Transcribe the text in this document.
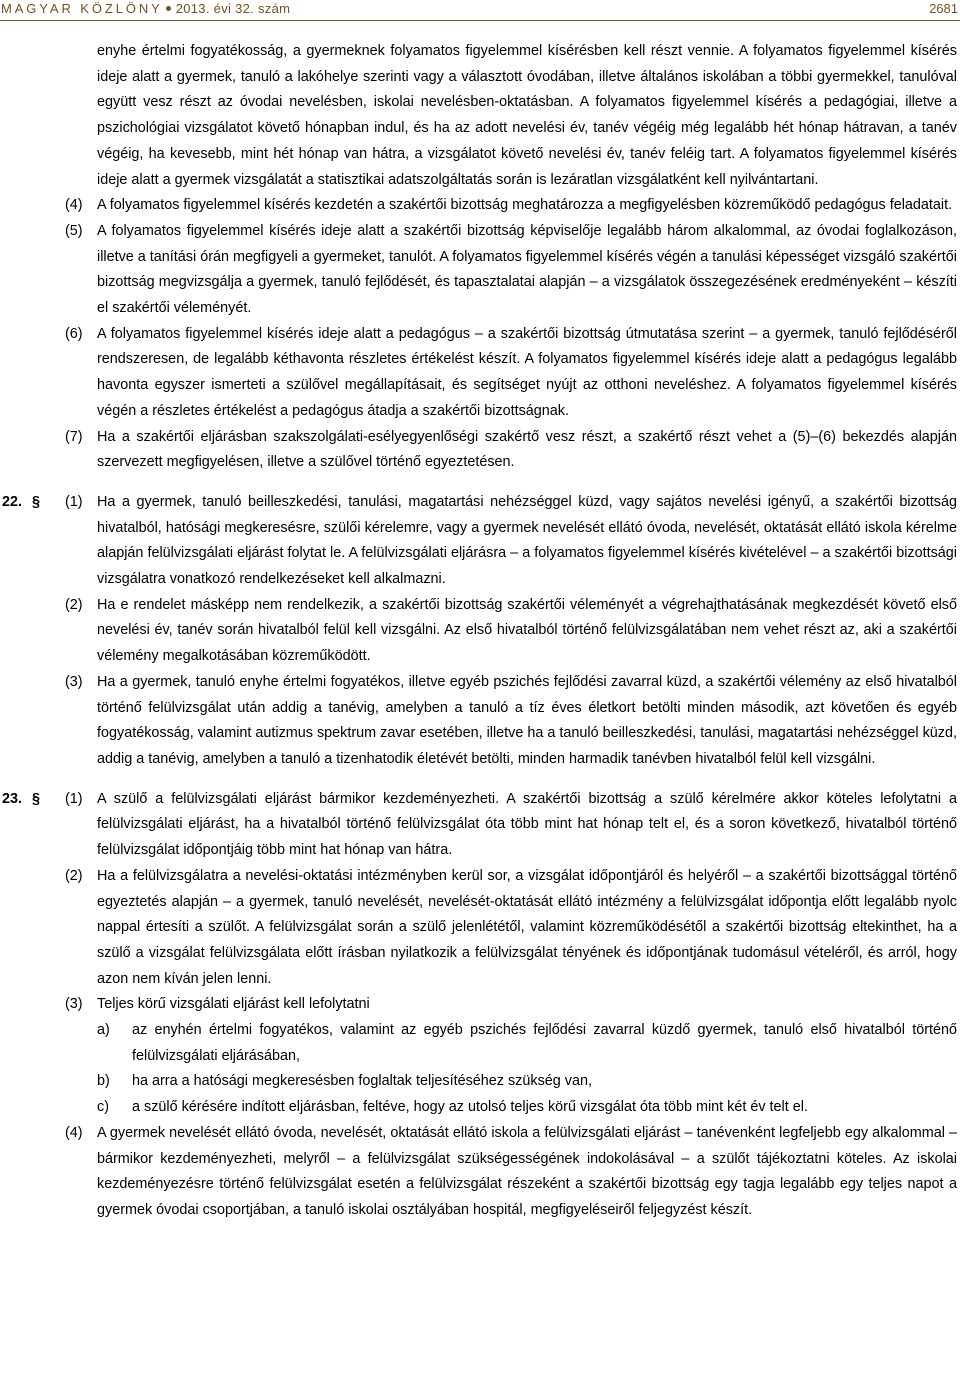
MAGYAR KÖZLÖNY 2013. évi 32. szám	2681
enyhe értelmi fogyatékosság, a gyermeknek folyamatos figyelemmel kísérésben kell részt vennie. A folyamatos figyelemmel kísérés ideje alatt a gyermek, tanuló a lakóhelye szerinti vagy a választott óvodában, illetve általános iskolában a többi gyermekkel, tanulóval együtt vesz részt az óvodai nevelésben, iskolai nevelésben-oktatásban. A folyamatos figyelemmel kísérés a pedagógiai, illetve a pszichológiai vizsgálatot követő hónapban indul, és ha az adott nevelési év, tanév végéig még legalább hét hónap hátravan, a tanév végéig, ha kevesebb, mint hét hónap van hátra, a vizsgálatot követő nevelési év, tanév feléig tart. A folyamatos figyelemmel kísérés ideje alatt a gyermek vizsgálatát a statisztikai adatszolgáltatás során is lezáratlan vizsgálatként kell nyilvántartani.
(4) A folyamatos figyelemmel kísérés kezdetén a szakértői bizottság meghatározza a megfigyelésben közreműködő pedagógus feladatait.
(5) A folyamatos figyelemmel kísérés ideje alatt a szakértői bizottság képviselője legalább három alkalommal, az óvodai foglalkozáson, illetve a tanítási órán megfigyeli a gyermeket, tanulót. A folyamatos figyelemmel kísérés végén a tanulási képességet vizsgáló szakértői bizottság megvizsgálja a gyermek, tanuló fejlődését, és tapasztalatai alapján – a vizsgálatok összegezésének eredményeként – készíti el szakértői véleményét.
(6) A folyamatos figyelemmel kísérés ideje alatt a pedagógus – a szakértői bizottság útmutatása szerint – a gyermek, tanuló fejlődéséről rendszeresen, de legalább kéthavonta részletes értékelést készít. A folyamatos figyelemmel kísérés ideje alatt a pedagógus legalább havonta egyszer ismerteti a szülővel megállapításait, és segítséget nyújt az otthoni neveléshez. A folyamatos figyelemmel kísérés végén a részletes értékelést a pedagógus átadja a szakértői bizottságnak.
(7) Ha a szakértői eljárásban szakszolgálati-esélyegyenlőségi szakértő vesz részt, a szakértő részt vehet a (5)–(6) bekezdés alapján szervezett megfigyelésen, illetve a szülővel történő egyeztetésen.
22. § (1) Ha a gyermek, tanuló beilleszkedési, tanulási, magatartási nehézséggel küzd, vagy sajátos nevelési igényű, a szakértői bizottság hivatalból, hatósági megkeresésre, szülői kérelemre, vagy a gyermek nevelését ellátó óvoda, nevelését, oktatását ellátó iskola kérelme alapján felülvizsgálati eljárást folytat le. A felülvizsgálati eljárásra – a folyamatos figyelemmel kísérés kivételével – a szakértői bizottsági vizsgálatra vonatkozó rendelkezéseket kell alkalmazni.
(2) Ha e rendelet másképp nem rendelkezik, a szakértői bizottság szakértői véleményét a végrehajthatásának megkezdését követő első nevelési év, tanév során hivatalból felül kell vizsgálni. Az első hivatalból történő felülvizsgálatában nem vehet részt az, aki a szakértői vélemény megalkotásában közreműködött.
(3) Ha a gyermek, tanuló enyhe értelmi fogyatékos, illetve egyéb pszichés fejlődési zavarral küzd, a szakértői vélemény az első hivatalból történő felülvizsgálat után addig a tanévig, amelyben a tanuló a tíz éves életkort betölti minden második, azt követően és egyéb fogyatékosság, valamint autizmus spektrum zavar esetében, illetve ha a tanuló beilleszkedési, tanulási, magatartási nehézséggel küzd, addig a tanévig, amelyben a tanuló a tizenhatodik életévét betölti, minden harmadik tanévben hivatalból felül kell vizsgálni.
23. § (1) A szülő a felülvizsgálati eljárást bármikor kezdeményezheti. A szakértői bizottság a szülő kérelmére akkor köteles lefolytatni a felülvizsgálati eljárást, ha a hivatalból történő felülvizsgálat óta több mint hat hónap telt el, és a soron következő, hivatalból történő felülvizsgálat időpontjáig több mint hat hónap van hátra.
(2) Ha a felülvizsgálatra a nevelési-oktatási intézményben kerül sor, a vizsgálat időpontjáról és helyéről – a szakértői bizottsággal történő egyeztetés alapján – a gyermek, tanuló nevelését, nevelését-oktatását ellátó intézmény a felülvizsgálat időpontja előtt legalább nyolc nappal értesíti a szülőt. A felülvizsgálat során a szülő jelenlététől, valamint közreműködésétől a szakértői bizottság eltekinthet, ha a szülő a vizsgálat felülvizsgálata előtt írásban nyilatkozik a felülvizsgálat tényének és időpontjának tudomásul vételéről, és arról, hogy azon nem kíván jelen lenni.
(3) Teljes körű vizsgálati eljárást kell lefolytatni
a) az enyhén értelmi fogyatékos, valamint az egyéb pszichés fejlődési zavarral küzdő gyermek, tanuló első hivatalból történő felülvizsgálati eljárásában,
b) ha arra a hatósági megkeresésben foglaltak teljesítéséhez szükség van,
c) a szülő kérésére indított eljárásban, feltéve, hogy az utolsó teljes körű vizsgálat óta több mint két év telt el.
(4) A gyermek nevelését ellátó óvoda, nevelését, oktatását ellátó iskola a felülvizsgálati eljárást – tanévenként legfeljebb egy alkalommal – bármikor kezdeményezheti, melyről – a felülvizsgálat szükségességének indokolásával – a szülőt tájékoztatni köteles. Az iskolai kezdeményezésre történő felülvizsgálat esetén a felülvizsgálat részeként a szakértői bizottság egy tagja legalább egy teljes napot a gyermek óvodai csoportjában, a tanuló iskolai osztályában hospitál, megfigyeléseiről feljegyzést készít.
